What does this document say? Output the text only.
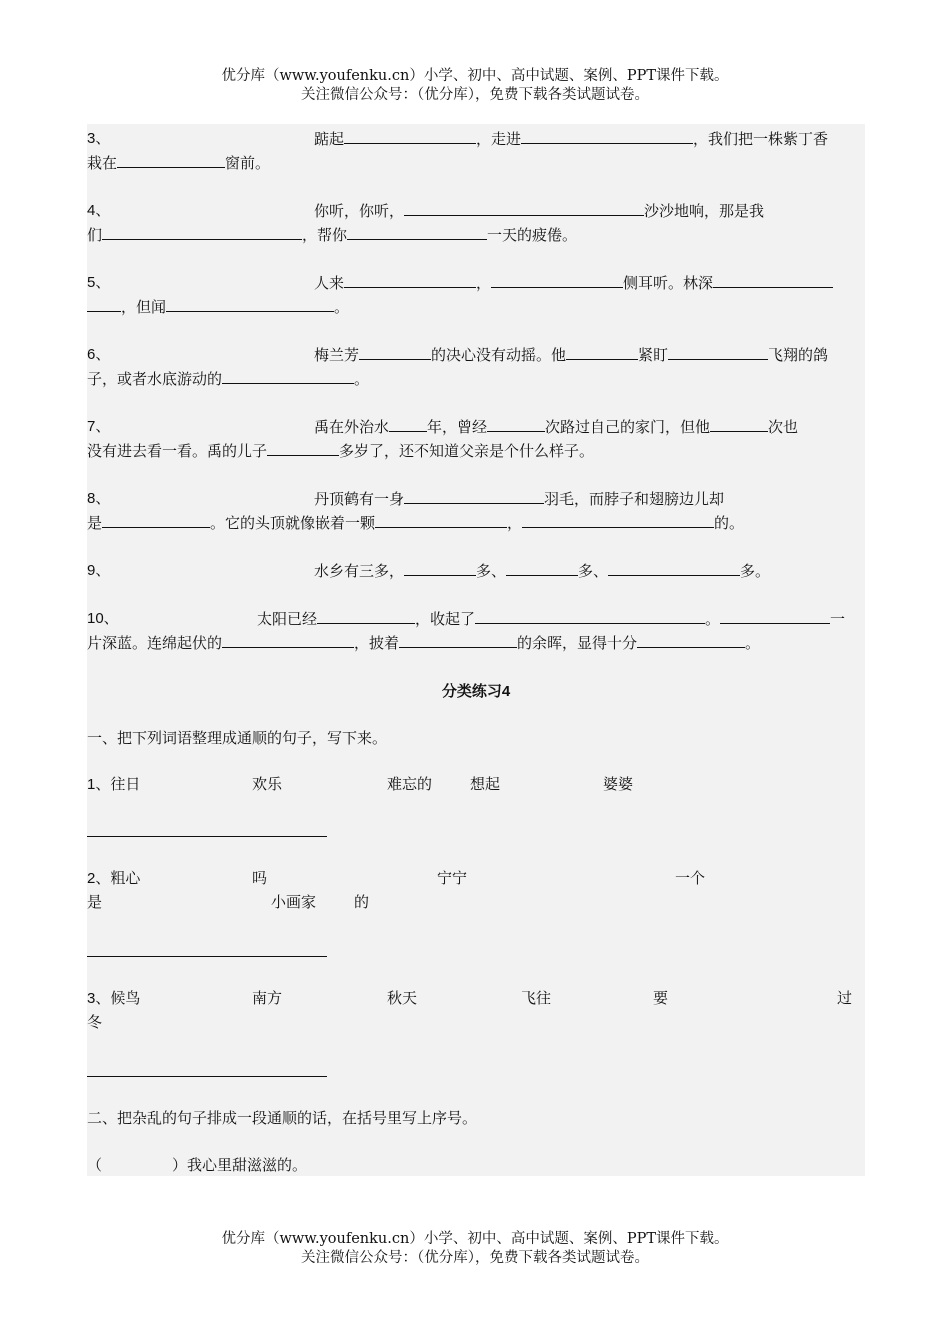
优分库（www.youfenku.cn）小学、初中、高中试题、案例、PPT课件下载。
关注微信公众号：（优分库），免费下载各类试题试卷。
3、	踮起	，走进	，我们把一株紫丁香
栽在	窗前。
4、	你听，你听，	沙沙地响，那是我
们	，帮你	一天的疲倦。
5、	人来	，	侧耳听。林深
，但闻	。
6、	梅兰芳	的决心没有动摇。他	紧盯	飞翔的鸽
子，或者水底游动的	。
7、	禹在外治水	年，曾经	次路过自己的家门，但他	次也
没有进去看一看。禹的儿子	多岁了，还不知道父亲是个什么样子。
8、	丹顶鹤有一身	羽毛，而脖子和翅膀边儿却
是	。它的头顶就像嵌着一颗	，	的。
9、	水乡有三多，	多、	多、	多。
10、	太阳已经	，收起了	。	一
片深蓝。连绵起伏的	，披着	的余晖，显得十分	。
分类练习4
一、把下列词语整理成通顺的句子，写下来。
1、往日	欢乐	难忘的	想起	婆婆
2、粗心	吗	宁宁	一个
是	小画家	的
3、候鸟	南方	秋天	飞往	要	过
冬
二、把杂乱的句子排成一段通顺的话，在括号里写上序号。
（	）我心里甜滋滋的。
优分库（www.youfenku.cn）小学、初中、高中试题、案例、PPT课件下载。
关注微信公众号：（优分库），免费下载各类试题试卷。
